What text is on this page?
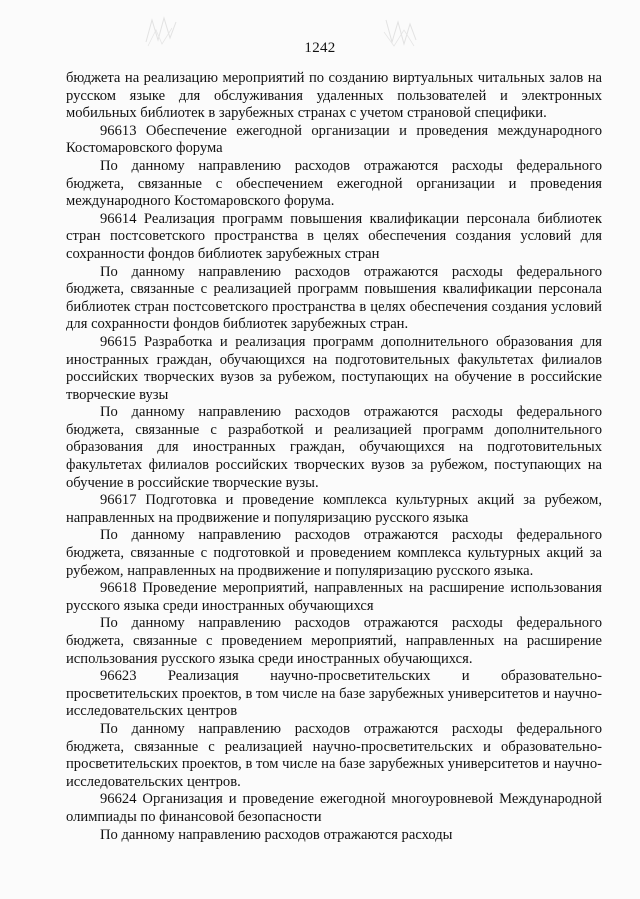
1242

бюджета на реализацию мероприятий по созданию виртуальных читальных залов на русском языке для обслуживания удаленных пользователей и электронных мобильных библиотек в зарубежных странах с учетом страновой специфики.

96613 Обеспечение ежегодной организации и проведения международного Костомаровского форума

По данному направлению расходов отражаются расходы федерального бюджета, связанные с обеспечением ежегодной организации и проведения международного Костомаровского форума.

96614 Реализация программ повышения квалификации персонала библиотек стран постсоветского пространства в целях обеспечения создания условий для сохранности фондов библиотек зарубежных стран

По данному направлению расходов отражаются расходы федерального бюджета, связанные с реализацией программ повышения квалификации персонала библиотек стран постсоветского пространства в целях обеспечения создания условий для сохранности фондов библиотек зарубежных стран.

96615 Разработка и реализация программ дополнительного образования для иностранных граждан, обучающихся на подготовительных факультетах филиалов российских творческих вузов за рубежом, поступающих на обучение в российские творческие вузы

По данному направлению расходов отражаются расходы федерального бюджета, связанные с разработкой и реализацией программ дополнительного образования для иностранных граждан, обучающихся на подготовительных факультетах филиалов российских творческих вузов за рубежом, поступающих на обучение в российские творческие вузы.

96617 Подготовка и проведение комплекса культурных акций за рубежом, направленных на продвижение и популяризацию русского языка

По данному направлению расходов отражаются расходы федерального бюджета, связанные с подготовкой и проведением комплекса культурных акций за рубежом, направленных на продвижение и популяризацию русского языка.

96618 Проведение мероприятий, направленных на расширение использования русского языка среди иностранных обучающихся

По данному направлению расходов отражаются расходы федерального бюджета, связанные с проведением мероприятий, направленных на расширение использования русского языка среди иностранных обучающихся.

96623 Реализация научно-просветительских и образовательно-просветительских проектов, в том числе на базе зарубежных университетов и научно-исследовательских центров

По данному направлению расходов отражаются расходы федерального бюджета, связанные с реализацией научно-просветительских и образовательно-просветительских проектов, в том числе на базе зарубежных университетов и научно-исследовательских центров.

96624 Организация и проведение ежегодной многоуровневой Международной олимпиады по финансовой безопасности

По данному направлению расходов отражаются расходы
